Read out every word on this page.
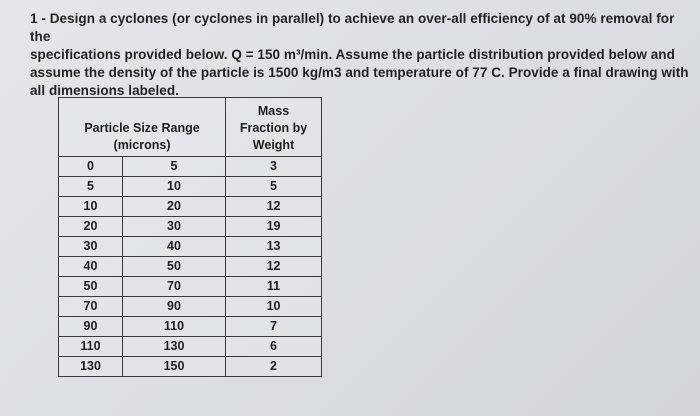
1 - Design a cyclones (or cyclones in parallel) to achieve an over-all efficiency of at 90% removal for the

specifications provided below. Q = 150 m³/min. Assume the particle distribution provided below and

assume the density of the particle is 1500 kg/m3 and temperature of 77 C. Provide a final drawing with

all dimensions labeled.

Particle Size Range
(microns)		Mass
Fraction by
Weight

0	5	3
5	10	5
10	20	12
20	30	19
30	40	13
40	50	12
50	70	11
70	90	10
90	110	7
110	130	6
130	150	2
